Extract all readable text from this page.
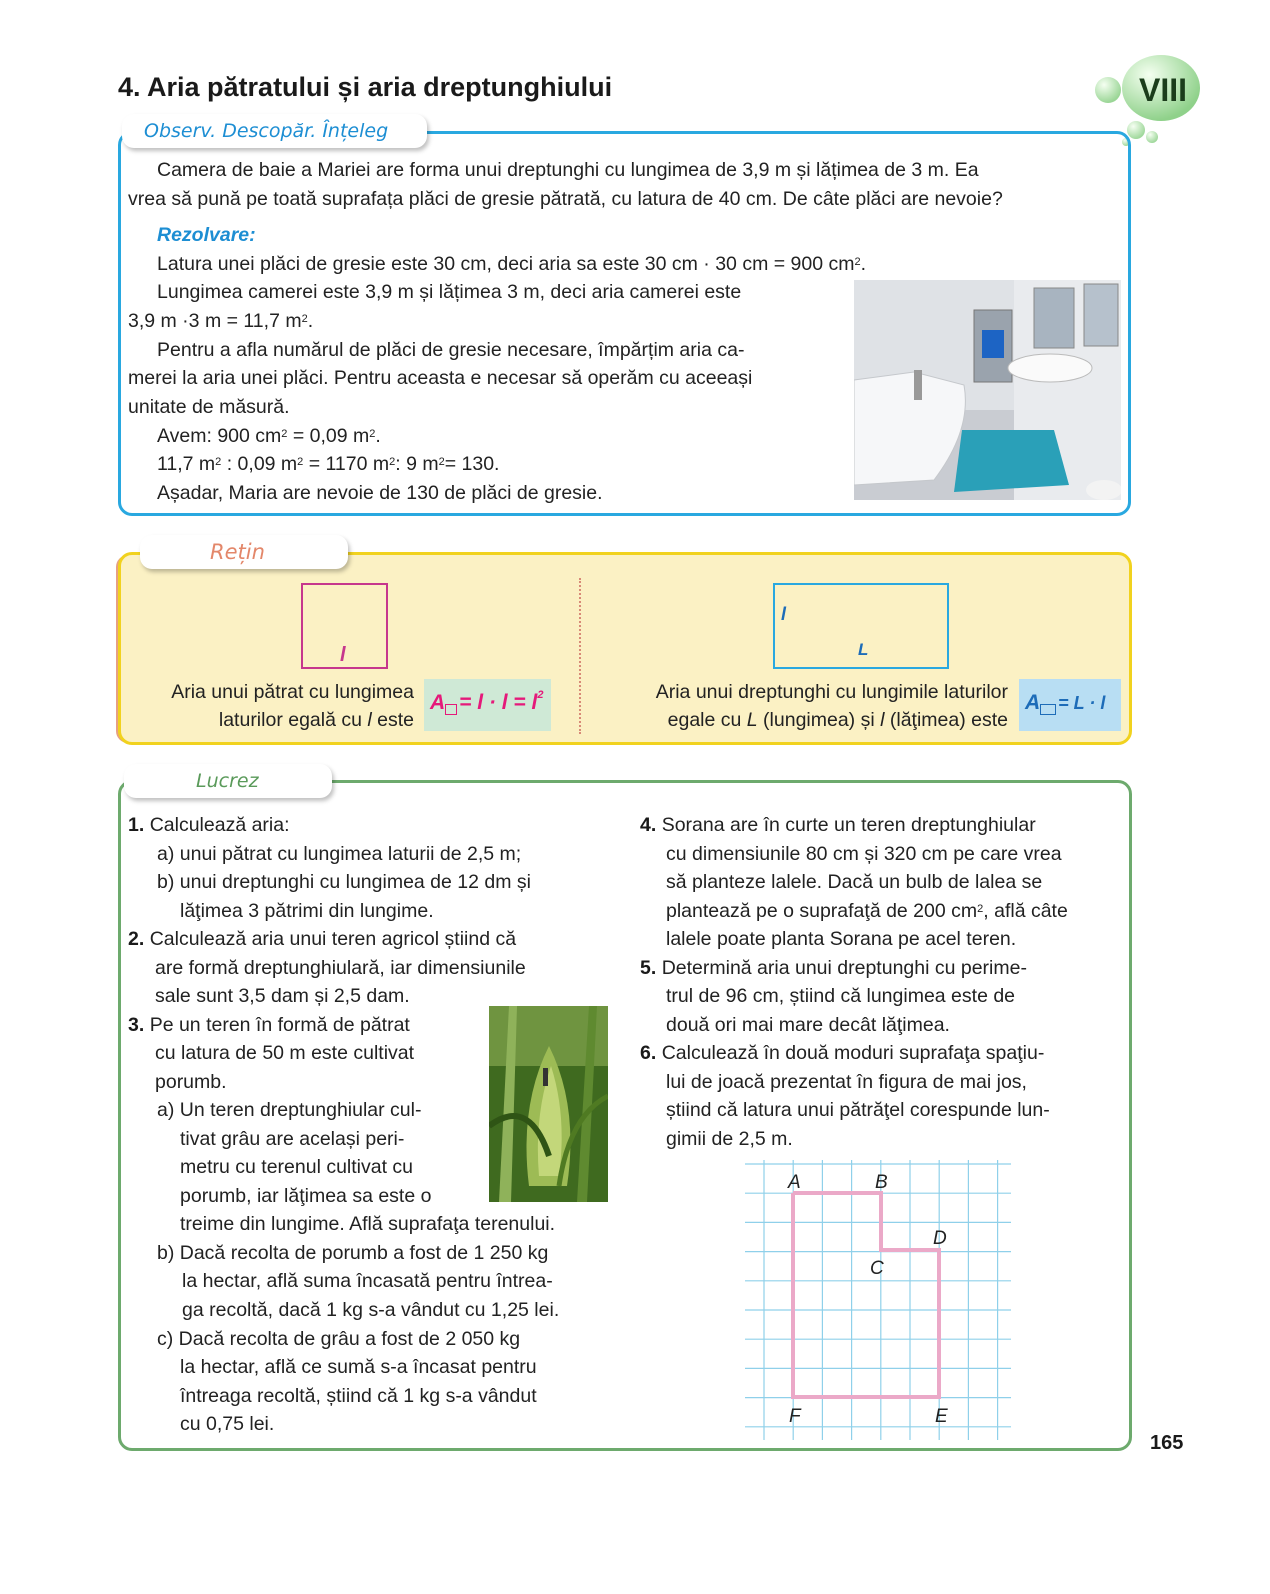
4. Aria pătratului și aria dreptunghiului	VIII
Observ. Descopăr. Înțeleg
Camera de baie a Mariei are forma unui dreptunghi cu lungimea de 3,9 m și lățimea de 3 m. Ea
vrea să pună pe toată suprafața plăci de gresie pătrată, cu latura de 40 cm. De câte plăci are nevoie?
Rezolvare:
Latura unei plăci de gresie este 30 cm, deci aria sa este 30 cm · 30 cm = 900 $cm^2$.
Lungimea camerei este 3,9 m și lățimea 3 m, deci aria camerei este
3,9 m ·3 m = 11,7 $m^2$.
Pentru a afla numărul de plăci de gresie necesare, împărțim aria ca-
merei la aria unei plăci. Pentru aceasta e necesar să operăm cu aceeași
unitate de măsură.
Avem: 900 $cm^2 = 0,09$ $m^2$.
11,7 $m^2$ : 0,09 $m^2 = 1170$ $m^2$: 9 $m^2= 130$.
Așadar, Maria are nevoie de 130 de plăci de gresie.
Rețin
l
l
L
Aria unui pătrat cu lungimea
laturilor egală cu l este
$A = l \cdot l = l^2$	Aria unui dreptunghi cu lungimile laturilor
egale cu L (lungimea) și l (lăţimea) este
A = L · l
Lucrez
1. Calculează aria:
a) unui pătrat cu lungimea laturii de 2,5 m;
b) unui dreptunghi cu lungimea de 12 dm și
lăţimea 3 pătrimi din lungime.
2. Calculează aria unui teren agricol știind că
are formă dreptunghiulară, iar dimensiunile
sale sunt 3,5 dam și 2,5 dam.
3. Pe un teren în formă de pătrat
cu latura de 50 m este cultivat
porumb.
a) Un teren dreptunghiular cul-
tivat grâu are același peri-
metru cu terenul cultivat cu
porumb, iar lăţimea sa este o
treime din lungime. Află suprafaţa terenului.
b) Dacă recolta de porumb a fost de 1 250 kg
la hectar, află suma încasată pentru întrea-
ga recoltă, dacă 1 kg s-a vândut cu 1,25 lei.
c) Dacă recolta de grâu a fost de 2 050 kg
la hectar, află ce sumă s-a încasat pentru
întreaga recoltă, știind că 1 kg s-a vândut
cu 0,75 lei.
4. Sorana are în curte un teren dreptunghiular
cu dimensiunile 80 cm și 320 cm pe care vrea
să planteze lalele. Dacă un bulb de lalea se
plantează pe o suprafaţă de 200 $cm^2$, află câte
lalele poate planta Sorana pe acel teren.
5. Determină aria unui dreptunghi cu perime-
trul de 96 cm, știind că lungimea este de
două ori mai mare decât lăţimea.
6. Calculează în două moduri suprafaţa spaţiu-
lui de joacă prezentat în figura de mai jos,
știind că latura unui pătrăţel corespunde lun-
gimii de 2,5 m.
A	B
C
D
E
F
165
